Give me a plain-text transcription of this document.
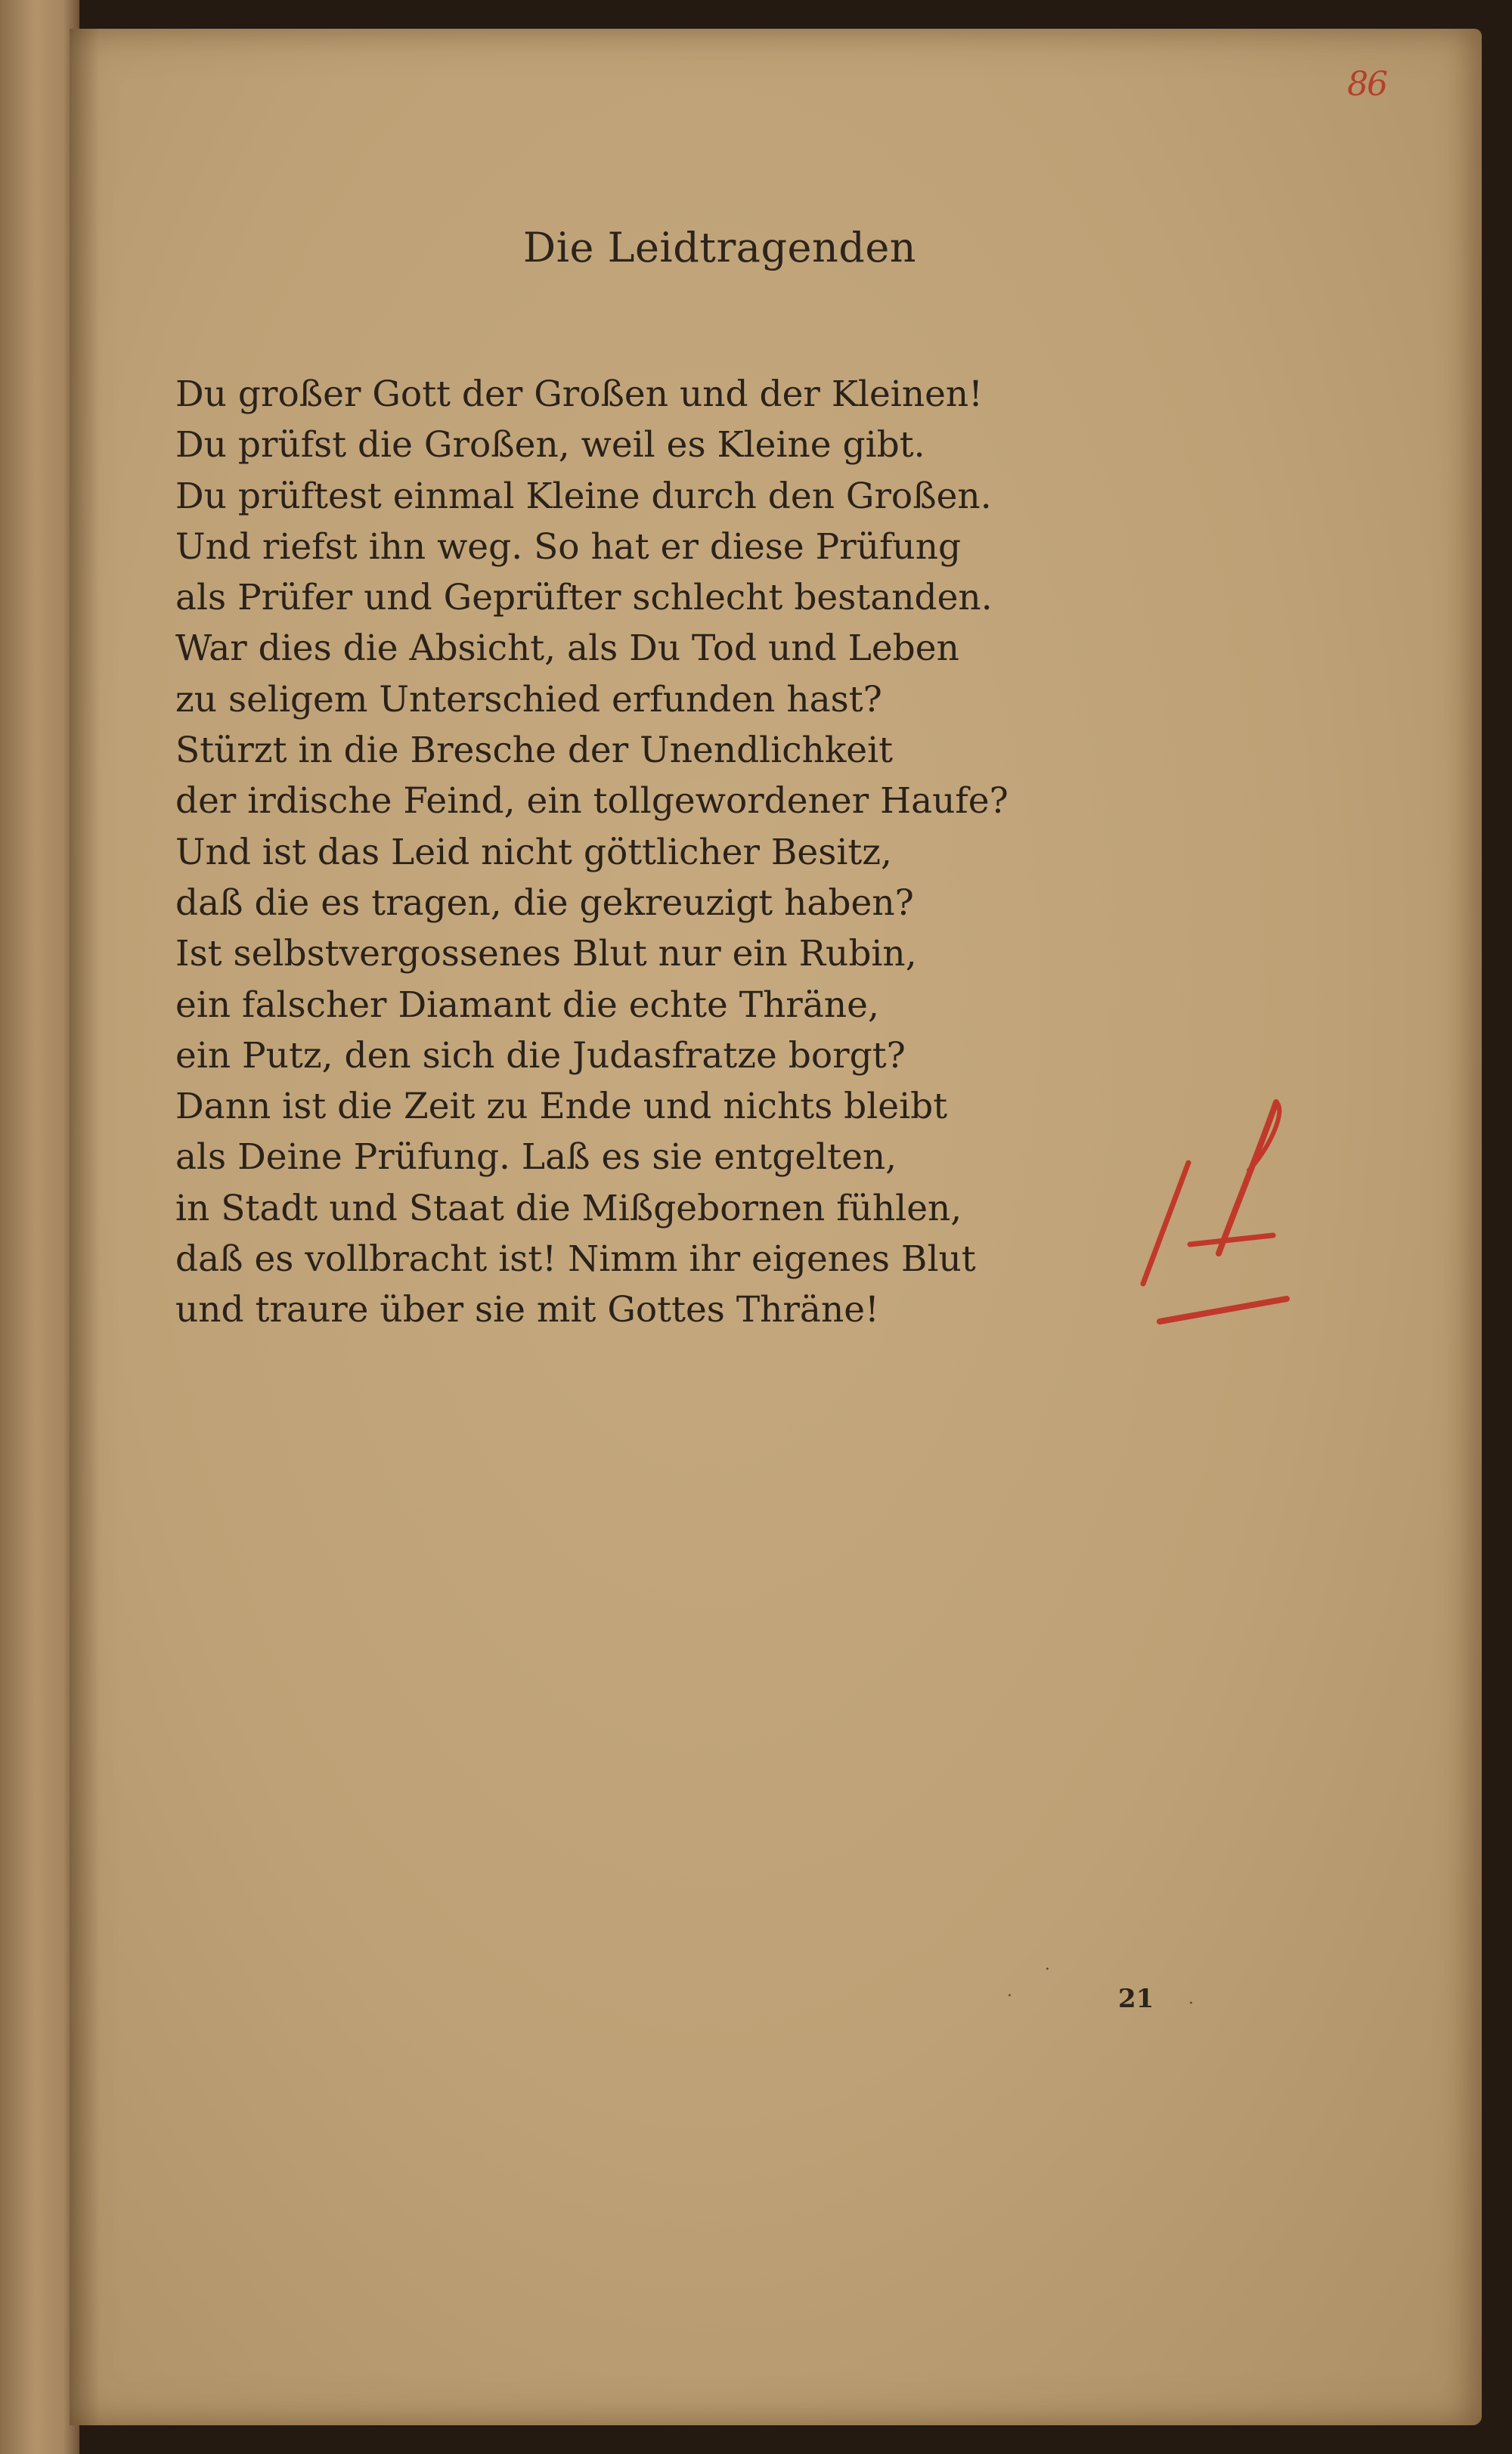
86
Die Leidtragenden
Du großer Gott der Großen und der Kleinen!
Du prüfst die Großen, weil es Kleine gibt.
Du prüftest einmal Kleine durch den Großen.
Und riefst ihn weg. So hat er diese Prüfung
als Prüfer und Geprüfter schlecht bestanden.
War dies die Absicht, als Du Tod und Leben
zu seligem Unterschied erfunden hast?
Stürzt in die Bresche der Unendlichkeit
der irdische Feind, ein tollgewordener Haufe?
Und ist das Leid nicht göttlicher Besitz,
daß die es tragen, die gekreuzigt haben?
Ist selbstvergossenes Blut nur ein Rubin,
ein falscher Diamant die echte Thräne,
ein Putz, den sich die Judasfratze borgt?
Dann ist die Zeit zu Ende und nichts bleibt
als Deine Prüfung. Laß es sie entgelten,
in Stadt und Staat die Mißgebornen fühlen,
daß es vollbracht ist! Nimm ihr eigenes Blut
und traure über sie mit Gottes Thräne!
21
·
·	·
